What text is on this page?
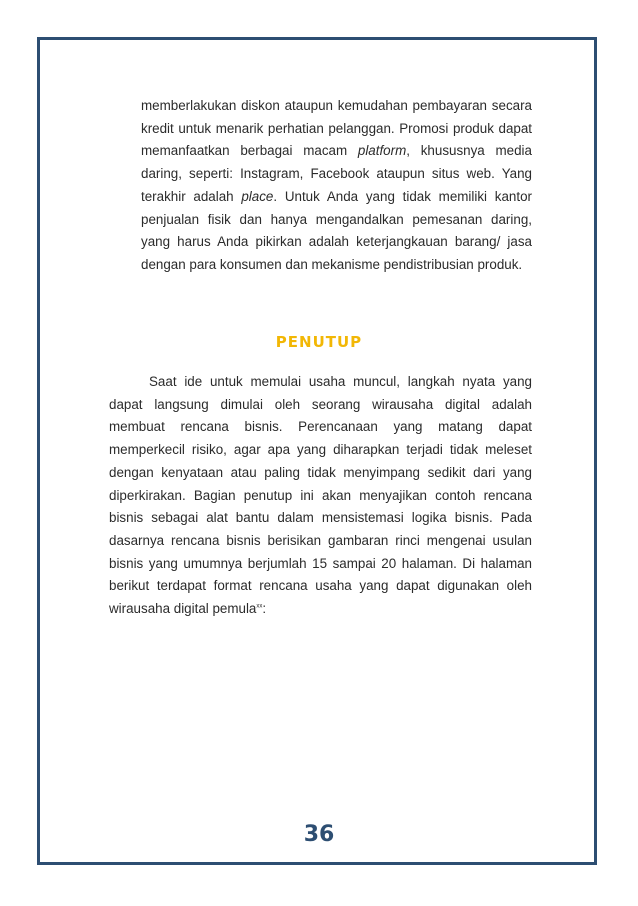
memberlakukan diskon ataupun kemudahan pembayaran secara kredit untuk menarik perhatian pelanggan. Promosi produk dapat memanfaatkan berbagai macam platform, khususnya media daring, seperti: Instagram, Facebook ataupun situs web. Yang terakhir adalah place. Untuk Anda yang tidak memiliki kantor penjualan fisik dan hanya mengandalkan pemesanan daring, yang harus Anda pikirkan adalah keterjangkauan barang/ jasa dengan para konsumen dan mekanisme pendistribusian produk.

PENUTUP

Saat ide untuk memulai usaha muncul, langkah nyata yang dapat langsung dimulai oleh seorang wirausaha digital adalah membuat rencana bisnis. Perencanaan yang matang dapat memperkecil risiko, agar apa yang diharapkan terjadi tidak meleset dengan kenyataan atau paling tidak menyimpang sedikit dari yang diperkirakan. Bagian penutup ini akan menyajikan contoh rencana bisnis sebagai alat bantu dalam mensistemasi logika bisnis. Pada dasarnya rencana bisnis berisikan gambaran rinci mengenai usulan bisnis yang umumnya berjumlah 15 sampai 20 halaman. Di halaman berikut terdapat format rencana usaha yang dapat digunakan oleh wirausaha digital pemula$^{xx}$:

36
